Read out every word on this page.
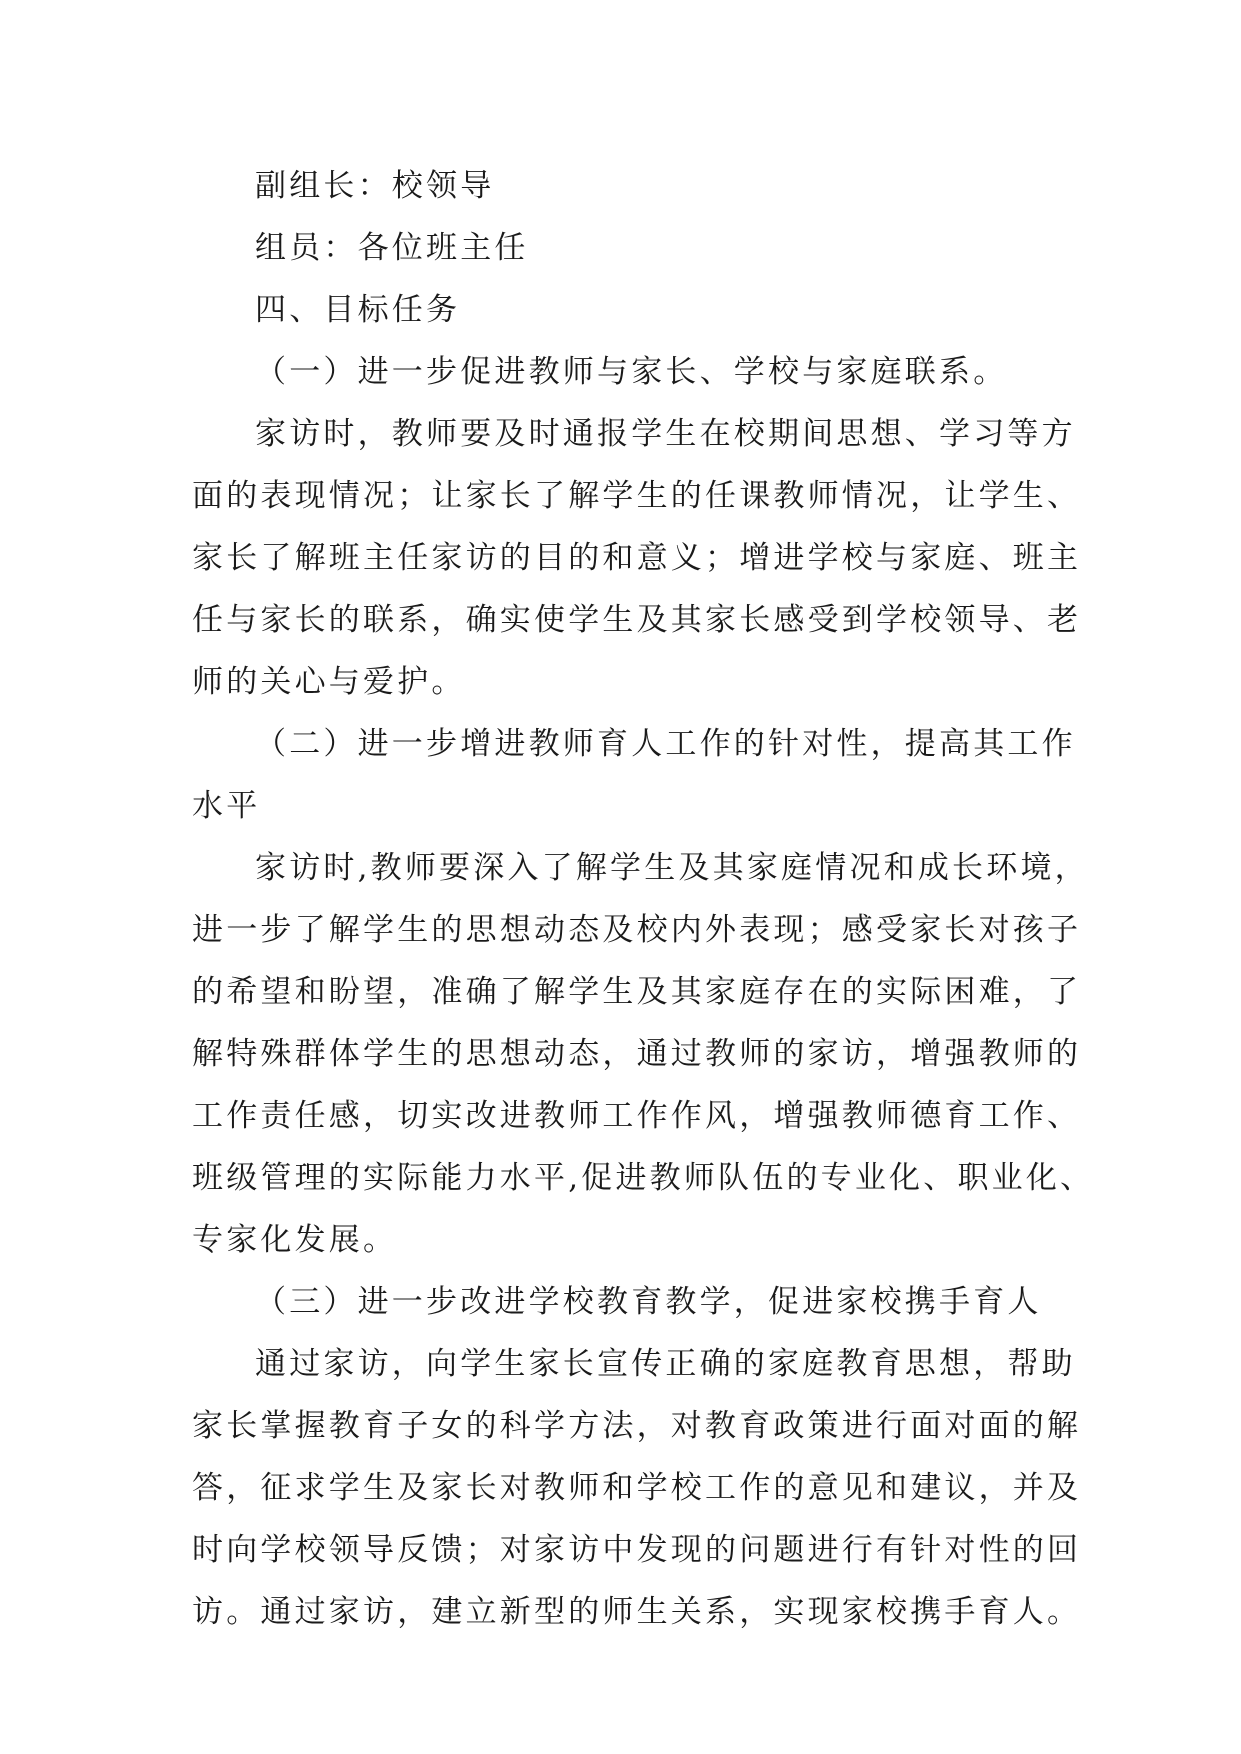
副组长：校领导
组员：各位班主任
四、目标任务
（一）进一步促进教师与家长、学校与家庭联系。
家访时，教师要及时通报学生在校期间思想、学习等方
面的表现情况；让家长了解学生的任课教师情况，让学生、
家长了解班主任家访的目的和意义；增进学校与家庭、班主
任与家长的联系，确实使学生及其家长感受到学校领导、老
师的关心与爱护。
（二）进一步增进教师育人工作的针对性，提高其工作
水平
家访时,教师要深入了解学生及其家庭情况和成长环境，
进一步了解学生的思想动态及校内外表现；感受家长对孩子
的希望和盼望，准确了解学生及其家庭存在的实际困难，了
解特殊群体学生的思想动态，通过教师的家访，增强教师的
工作责任感，切实改进教师工作作风，增强教师德育工作、
班级管理的实际能力水平,促进教师队伍的专业化、职业化、
专家化发展。
（三）进一步改进学校教育教学，促进家校携手育人
通过家访，向学生家长宣传正确的家庭教育思想，帮助
家长掌握教育子女的科学方法，对教育政策进行面对面的解
答，征求学生及家长对教师和学校工作的意见和建议，并及
时向学校领导反馈；对家访中发现的问题进行有针对性的回
访。通过家访，建立新型的师生关系，实现家校携手育人。
